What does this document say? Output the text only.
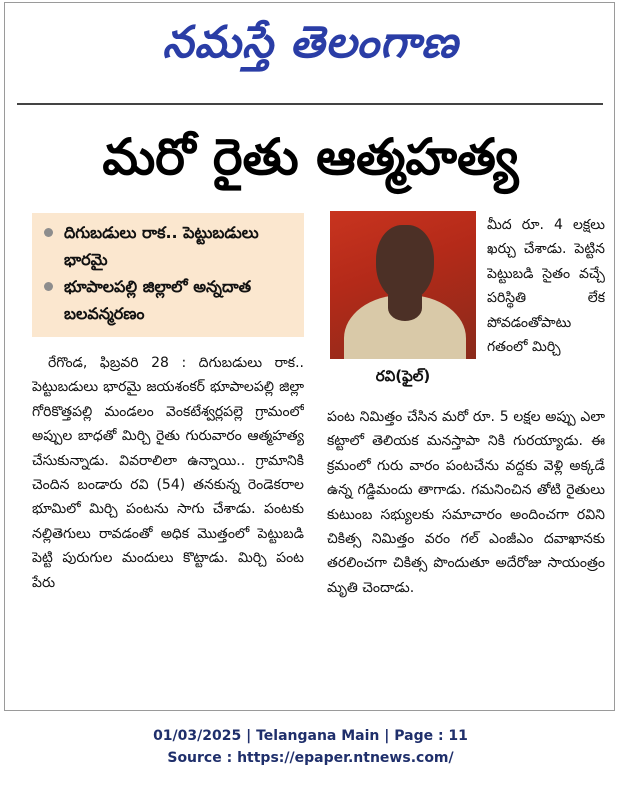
నమస్తే తెలంగాణ
మరో రైతు ఆత్మహత్య
దిగుబడులు రాక.. పెట్టుబడులు భారమై
భూపాలపల్లి జిల్లాలో అన్నదాత బలవన్మరణం
రవి(ఫైల్)

రేగొండ, ఫిబ్రవరి 28 : దిగుబడులు రాక.. పెట్టుబడులు భారమై జయశంకర్ భూపాలపల్లి జిల్లా గోరికొత్తపల్లి మండలం వెంకటేశ్వర్లపల్లె గ్రామంలో అప్పుల బాధతో మిర్చి రైతు గురువారం ఆత్మహత్య చేసుకున్నాడు. వివరాలిలా ఉన్నాయి.. గ్రామానికి చెందిన బండారు రవి (54) తనకున్న రెండెకరాల భూమిలో మిర్చి పంటను సాగు చేశాడు. పంటకు నల్లితెగులు రావడంతో అధిక మొత్తంలో పెట్టుబడి పెట్టి పురుగుల మందులు కొట్టాడు. మిర్చి పంట పేరు

మీద రూ. 4 లక్షలు ఖర్చు చేశాడు. పెట్టిన పెట్టుబడి సైతం వచ్చే పరిస్థితి లేక పోవడంతోపాటు గతంలో మిర్చి

పంట నిమిత్తం చేసిన మరో రూ. 5 లక్షల అప్పు ఎలా కట్టాలో తెలియక మనస్తాపా నికి గురయ్యాడు. ఈ క్రమంలో గురు వారం పంటచేను వద్దకు వెళ్లి అక్కడే ఉన్న గడ్డిమందు తాగాడు. గమనించిన తోటి రైతులు కుటుంబ సభ్యులకు సమాచారం అందించగా రవిని చికిత్స నిమిత్తం వరం గల్ ఎంజీఎం దవాఖానకు తరలించగా చికిత్స పొందుతూ అదేరోజు సాయంత్రం మృతి చెందాడు.

01/03/2025 | Telangana Main | Page : 11
Source : https://epaper.ntnews.com/
